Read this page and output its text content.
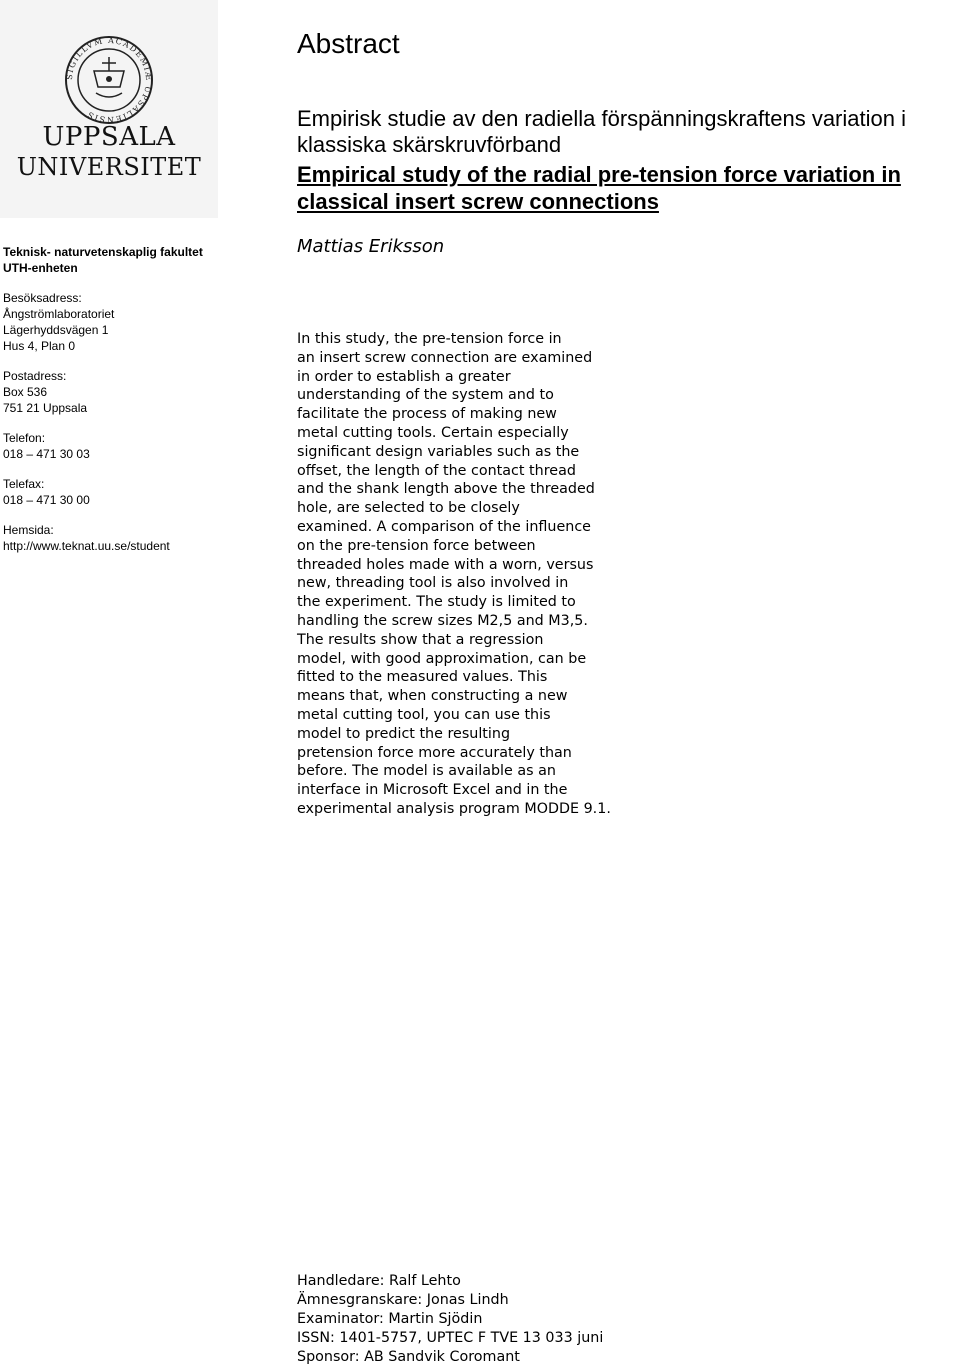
SIGILLVM ACADEMIÆ UPSALIENSIS
UPPSALA
UNIVERSITET
Teknisk- naturvetenskaplig fakultet
UTH-enheten
Besöksadress:
Ångströmlaboratoriet
Lägerhyddsvägen 1
Hus 4, Plan 0
Postadress:
Box 536
751 21 Uppsala
Telefon:
018 – 471 30 03
Telefax:
018 – 471 30 00
Hemsida:
http://www.teknat.uu.se/student
Abstract
Empirisk studie av den radiella förspänningskraftens variation i klassiska skärskruvförband
Empirical study of the radial pre-tension force variation in classical insert screw connections
Mattias Eriksson
In this study, the pre-tension force in
an insert screw connection are examined
in order to establish a greater
understanding of the system and to
facilitate the process of making new
metal cutting tools. Certain especially
significant design variables such as the
offset, the length of the contact thread
and the shank length above the threaded
hole, are selected to be closely
examined. A comparison of the influence
on the pre-tension force between
threaded holes made with a worn, versus
new, threading tool is also involved in
the experiment. The study is limited to
handling the screw sizes M2,5 and M3,5.
The results show that a regression
model, with good approximation, can be
fitted to the measured values. This
means that, when constructing a new
metal cutting tool, you can use this
model to predict the resulting
pretension force more accurately than
before. The model is available as an
interface in Microsoft Excel and in the
experimental analysis program MODDE 9.1.
Handledare: Ralf Lehto
Ämnesgranskare: Jonas Lindh
Examinator: Martin Sjödin
ISSN: 1401-5757, UPTEC F TVE 13 033 juni
Sponsor: AB Sandvik Coromant
